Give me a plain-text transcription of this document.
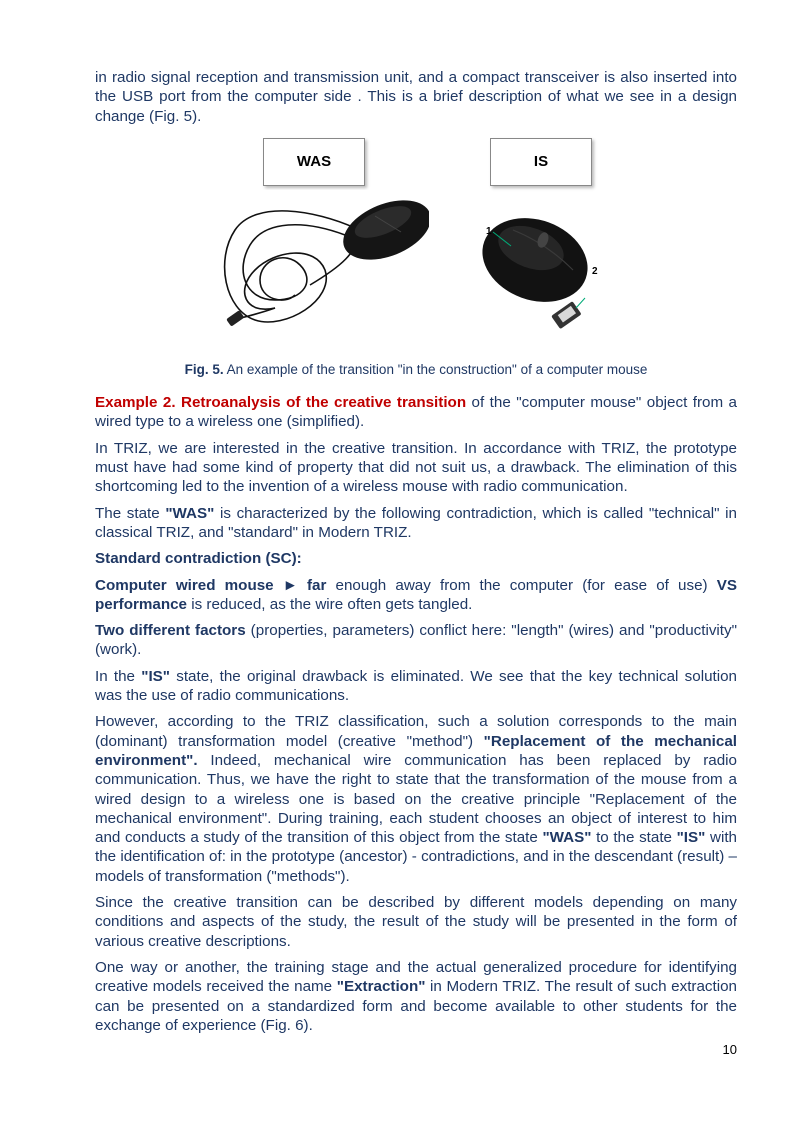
in radio signal reception and transmission unit, and a compact transceiver is also inserted into the USB port from the computer side . This is a brief description of what we see in a design change (Fig. 5).

WAS	IS
1
2

Fig. 5. An example of the transition "in the construction" of a computer mouse

Example 2. Retroanalysis of the creative transition of the "computer mouse" object from a wired type to a wireless one (simplified).

In TRIZ, we are interested in the creative transition. In accordance with TRIZ, the prototype must have had some kind of property that did not suit us, a drawback. The elimination of this shortcoming led to the invention of a wireless mouse with radio communication.

The state "WAS" is characterized by the following contradiction, which is called "technical" in classical TRIZ, and "standard" in Modern TRIZ.

Standard contradiction (SC):

Computer wired mouse ► far enough away from the computer (for ease of use) VS performance is reduced, as the wire often gets tangled.

Two different factors (properties, parameters) conflict here: "length" (wires) and "productivity" (work).

In the "IS" state, the original drawback is eliminated. We see that the key technical solution was the use of radio communications.

However, according to the TRIZ classification, such a solution corresponds to the main (dominant) transformation model (creative "method") "Replacement of the mechanical environment". Indeed, mechanical wire communication has been replaced by radio communication. Thus, we have the right to state that the transformation of the mouse from a wired design to a wireless one is based on the creative principle "Replacement of the mechanical environment". During training, each student chooses an object of interest to him and conducts a study of the transition of this object from the state "WAS" to the state "IS" with the identification of: in the prototype (ancestor) - contradictions, and in the descendant (result) – models of transformation ("methods").

Since the creative transition can be described by different models depending on many conditions and aspects of the study, the result of the study will be presented in the form of various creative descriptions.

One way or another, the training stage and the actual generalized procedure for identifying creative models received the name "Extraction" in Modern TRIZ. The result of such extraction can be presented on a standardized form and become available to other students for the exchange of experience (Fig. 6).

10
